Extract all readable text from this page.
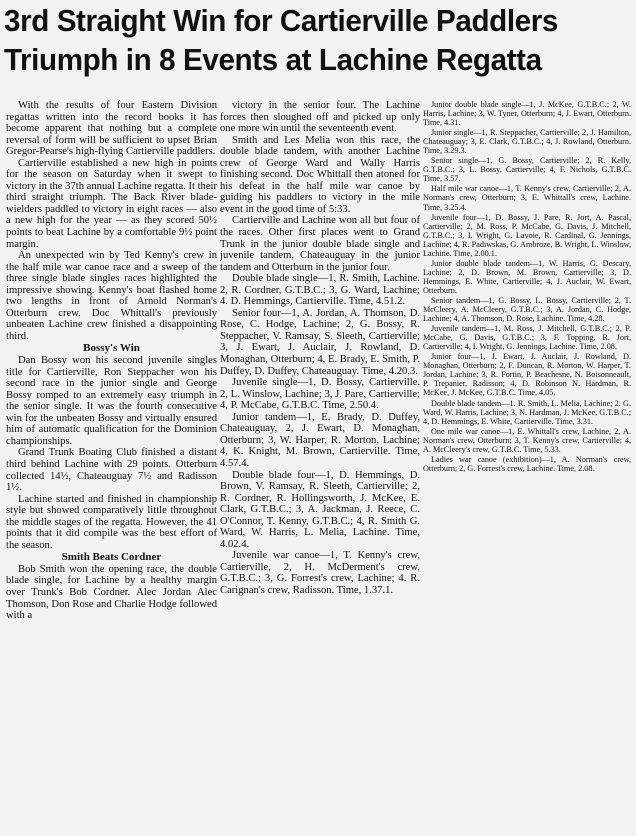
3rd Straight Win for Cartierville Paddlers
Triumph in 8 Events at Lachine Regatta

With the results of four Eastern Division regattas written into the record books it has become apparent that nothing but a complete reversal of form will be sufficient to upset Brian Gregor-Pearse's high-flying Cartierville paddlers.

Cartierville established a new high in points for the season on Saturday when it swept to victory in the 37th annual Lachine regatta. It their third straight triumph. The Back River blade-wielders paddled to victory in eight races — also a new high for the year — as they scored 50½ points to beat Lachine by a comfortable 9½ point margin.

An unexpected win by Ted Kenny's crew in the half mile war canoe race and a sweep of the three single blade singles races highlighted the impressive showing. Kenny's boat flashed home two lengths in front of Arnold Norman's Otterburn crew. Doc Whittall's previously unbeaten Lachine crew finished a disappointing third.

Bossy's Win

Dan Bossy won his second juvenile singles title for Cartierville, Ron Steppacher won his second race in the junior single and George Bossy romped to an extremely easy triumph in the senior single. It was the fourth consecutive win for the unbeaten Bossy and virtually ensured him of automatic qualification for the Dominion championships.

Grand Trunk Boating Club finished a distant third behind Lachine with 29 points. Otterburn collected 14½, Chateauguay 7½ and Radisson 1½.

Lachine started and finished in championship style but showed comparatively little throughout the middle stages of the regatta. However, the 41 points that it did compile was the best effort of the season.

Smith Beats Cordner

Bob Smith won the opening race, the double blade single, for Lachine by a healthy margin over Trunk's Bob Cordner. Alec Jordan Alec Thomson, Don Rose and Charlie Hodge followed with a

victory in the senior four. The Lachine forces then sloughed off and picked up only one more win until the seventeenth event.

Smith and Les Melia won this race, the double blade tandem, with another Lachine crew of George Ward and Wally Harris finishing second. Doc Whittall then atoned for his defeat in the half mile war canoe by guiding his paddlers to victory in the mile event in the good time of 5:33.

Cartierville and Lachine won all but four of the races. Other first places went to Grand Trunk in the junior double blade single and juvenile tandem, Chateauguay in the junior tandem and Otterburn in the junior four.

Double blade single—1, R. Smith, Lachine. 2, R. Cordner, G.T.B.C.; 3, G. Ward, Lachine; 4. D. Hemmings, Cartierville. Time, 4.51.2.

Senior four—1, A. Jordan, A. Thomson, D. Rose, C. Hodge, Lachine; 2, G. Bossy, R. Steppacher, V. Ramsay, S. Sleeth, Cartierville; 3, J. Ewart, J. Auclair, J. Rowland, D. Monaghan, Otterburn; 4, E. Brady, E. Smith, P. Duffey, D. Duffey, Chateauguay. Time, 4.20.3.

Juvenile single—1, D. Bossy, Cartierville. 2, L. Winslow, Lachine; 3, J. Pare, Cartierville; 4, P. McCabe, G.T.B.C. Time, 2.50.4.

Junior tandem—1, E. Brady, D. Duffey, Chateauguay, 2, J. Ewart, D. Monaghan, Otterburn; 3, W. Harper, R. Morton, Lachine; 4, K. Knight, M. Brown, Cartierville. Time, 4.57.4.

Double blade four—1, D. Hemmings, D. Brown, V. Ramsay, R. Sleeth, Cartierville; 2, R. Cordner, R. Hollingsworth, J. McKee, E. Clark, G.T.B.C.; 3, A. Jackman, J. Reece, C. O'Connor, T. Kenny, G.T.B.C.; 4, R. Smith G. Ward, W. Harris, L. Melia, Lachine. Time, 4.02.4.

Juvenile war canoe—1, T. Kenny's crew, Cartierville, 2, H. McDerment's crew, G.T.B.C.; 3, G. Forrest's crew, Lachine; 4. R. Carignan's crew, Radisson. Time, 1.37.1.

Junior double blade single—1, J. McKee, G.T.B.C.; 2, W. Harris, Lachine; 3, W. Tyner, Otterburn; 4, J. Ewart, Otterburn. Time, 4.31.

Junior single—1, R. Steppacher, Cartierville; 2, J. Hamilton, Chateauguay; 3, E. Clark, G.T.B.C.; 4, J. Rowland, Otterburn. Time, 3.29.3.

Senior single—1, G. Bossy, Cartierville; 2, R. Kelly, G.T.B.C.; 3, L. Bossy, Cartierville; 4, F. Nichols, G.T.B.C. Time, 3.57.

Half mile war canoe—1, T. Kenny's crew, Cartierville; 2, A. Norman's crew, Otterburn; 3, E. Whittall's crew, Lachine. Time, 3.25.4.

Juvenile four—1, D. Bossy, J. Pare, R. Jort, A. Pascal, Cartierville; 2, M. Ross, P. McCabe, G. Davis, J. Mitchell, G.T.B.C.; 3, I. Wright, G. Lavoie, R. Cardinal, G. Jennings, Lachine; 4, R. Padiwskas, G. Ambroze, B. Wright, L. Winslow, Lachine. Time, 2.00.1.

Junior double blade tandem—1, W. Harris, G. Descary, Lachine; 2, D. Brown, M. Brown, Cartierville; 3, D. Hemmings, E. White, Cartierville; 4, J. Auclair, W. Ewart, Otterburn.

Senior tandem—1, G. Bossy, L. Bossy, Cartierville; 2, T. McCleery, A. McCleery, G.T.B.C.; 3, A. Jordan, C. Hodge, Lachine; 4, A. Thomson, D. Rose, Lachine. Time, 4.28.

Juvenile tandem—1, M. Ross, J. Mitchell, G.T.B.C.; 2, P. McCabe, G. Davis, G.T.B.C.; 3, F. Topping, R. Jort, Cartierville; 4, I. Wright, G. Jennings, Lachine. Time, 2.08.

Junior four—1, J. Ewart, J. Auclair, J. Rowland, D. Monaghan, Otterburn; 2, F. Duncan, R. Morton, W. Harper, T. Jordan, Lachine; 3, R. Fortin, P. Beachesne, N. Boisonneault, P. Trepanier, Radisson; 4, D. Robinson N. Hardman, R. McKee, J. McKee, G.T.B.C. Time, 4.05.

Double blade tandem—1. R. Smith, L. Melia, Lachine; 2. G. Ward, W. Harris, Lachine; 3, N. Hardman, J. McKee, G.T.B.C.; 4, D. Hemmings, E. White, Cartierville. Time, 3.31.

One mile war canoe—1, E. Whittall's crew, Lachine, 2, A. Norman's crew, Otterburn; 3, T. Kenny's crew, Cartierville; 4, A. McCleery's crew, G.T.B.C. Time, 5.33.

Ladies war canoe (exhibition)—1, A. Norman's crew, Otterburn; 2, G. Forrest's crew, Lachine. Time, 2.08.
